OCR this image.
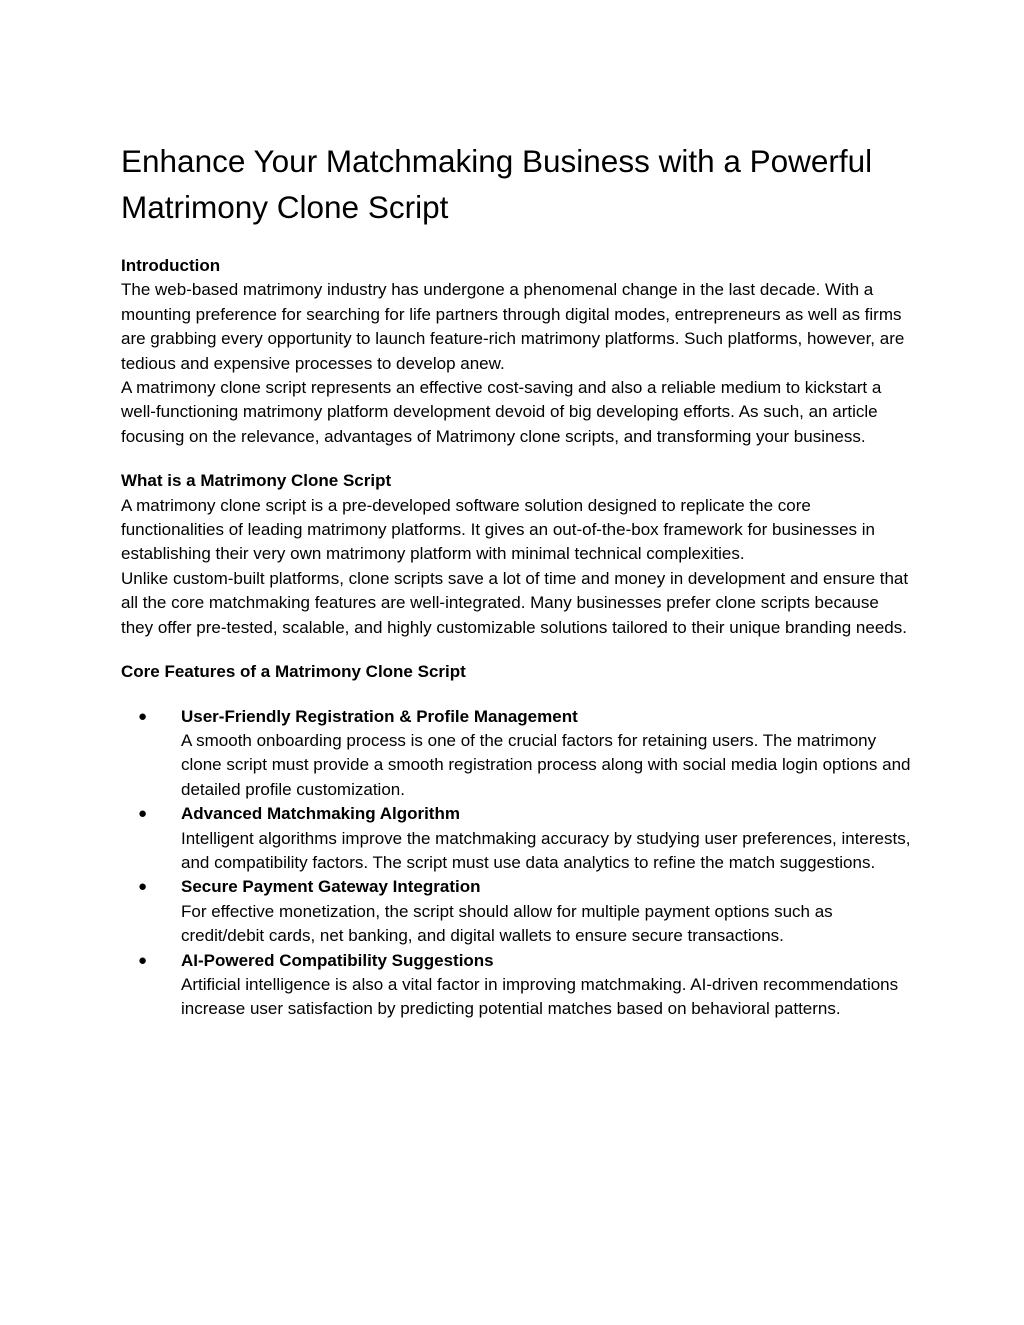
Enhance Your Matchmaking Business with a Powerful Matrimony Clone Script

Introduction

The web-based matrimony industry has undergone a phenomenal change in the last decade. With a mounting preference for searching for life partners through digital modes, entrepreneurs as well as firms are grabbing every opportunity to launch feature-rich matrimony platforms. Such platforms, however, are tedious and expensive processes to develop anew.

A matrimony clone script represents an effective cost-saving and also a reliable medium to kickstart a well-functioning matrimony platform development devoid of big developing efforts. As such, an article focusing on the relevance, advantages of Matrimony clone scripts, and transforming your business.

What is a Matrimony Clone Script

A matrimony clone script is a pre-developed software solution designed to replicate the core functionalities of leading matrimony platforms. It gives an out-of-the-box framework for businesses in establishing their very own matrimony platform with minimal technical complexities.

Unlike custom-built platforms, clone scripts save a lot of time and money in development and ensure that all the core matchmaking features are well-integrated. Many businesses prefer clone scripts because they offer pre-tested, scalable, and highly customizable solutions tailored to their unique branding needs.

Core Features of a Matrimony Clone Script

● User-Friendly Registration & Profile Management
A smooth onboarding process is one of the crucial factors for retaining users. The matrimony clone script must provide a smooth registration process along with social media login options and detailed profile customization.
● Advanced Matchmaking Algorithm
Intelligent algorithms improve the matchmaking accuracy by studying user preferences, interests, and compatibility factors. The script must use data analytics to refine the match suggestions.
● Secure Payment Gateway Integration
For effective monetization, the script should allow for multiple payment options such as credit/debit cards, net banking, and digital wallets to ensure secure transactions.
● AI-Powered Compatibility Suggestions
Artificial intelligence is also a vital factor in improving matchmaking. AI-driven recommendations increase user satisfaction by predicting potential matches based on behavioral patterns.
